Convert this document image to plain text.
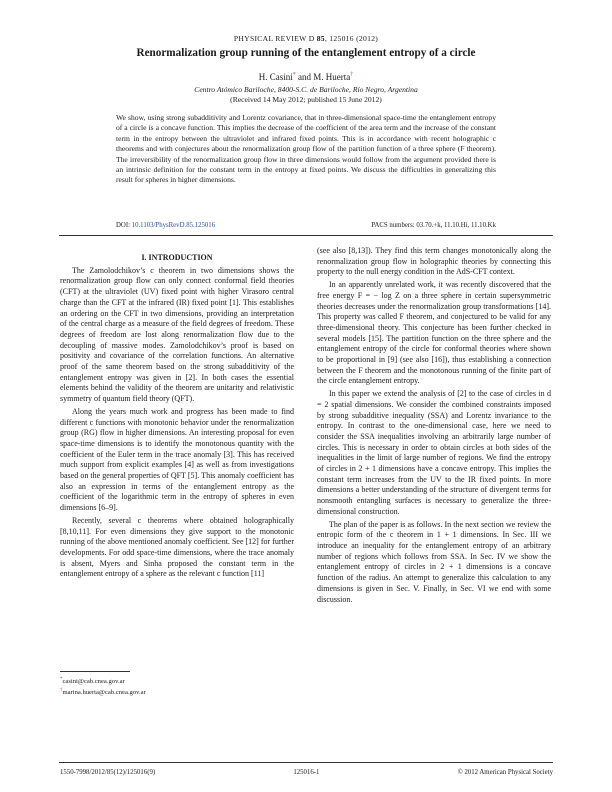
PHYSICAL REVIEW D 85, 125016 (2012)
Renormalization group running of the entanglement entropy of a circle
H. Casini* and M. Huerta†
Centro Atómico Bariloche, 8400-S.C. de Bariloche, Río Negro, Argentina
(Received 14 May 2012; published 15 June 2012)
We show, using strong subadditivity and Lorentz covariance, that in three-dimensional space-time the entanglement entropy of a circle is a concave function. This implies the decrease of the coefficient of the area term and the increase of the constant term in the entropy between the ultraviolet and infrared fixed points. This is in accordance with recent holographic c theorems and with conjectures about the renormalization group flow of the partition function of a three sphere (F theorem). The irreversibility of the renormalization group flow in three dimensions would follow from the argument provided there is an intrinsic definition for the constant term in the entropy at fixed points. We discuss the difficulties in generalizing this result for spheres in higher dimensions.
DOI: 10.1103/PhysRevD.85.125016	PACS numbers: 03.70.+k, 11.10.Hi, 11.10.Kk

I. INTRODUCTION

The Zamolodchikov’s c theorem in two dimensions shows the renormalization group flow can only connect conformal field theories (CFT) at the ultraviolet (UV) fixed point with higher Virasoro central charge than the CFT at the infrared (IR) fixed point [1]. This establishes an ordering on the CFT in two dimensions, providing an interpretation of the central charge as a measure of the field degrees of freedom. These degrees of freedom are lost along renormalization flow due to the decoupling of massive modes. Zamolodchikov’s proof is based on positivity and covariance of the correlation functions. An alternative proof of the same theorem based on the strong subadditivity of the entanglement entropy was given in [2]. In both cases the essential elements behind the validity of the theorem are unitarity and relativistic symmetry of quantum field theory (QFT).

Along the years much work and progress has been made to find different c functions with monotonic behavior under the renormalization group (RG) flow in higher dimensions. An interesting proposal for even space-time dimensions is to identify the monotonous quantity with the coefficient of the Euler term in the trace anomaly [3]. This has received much support from explicit examples [4] as well as from investigations based on the general properties of QFT [5]. This anomaly coefficient has also an expression in terms of the entanglement entropy as the coefficient of the logarithmic term in the entropy of spheres in even dimensions [6–9].

Recently, several c theorems where obtained holographically [8,10,11]. For even dimensions they give support to the monotonic running of the above mentioned anomaly coefficient. See [12] for further developments. For odd space-time dimensions, where the trace anomaly is absent, Myers and Sinha proposed the constant term in the entanglement entropy of a sphere as the relevant c function [11]

(see also [8,13]). They find this term changes monotonically along the renormalization group flow in holographic theories by connecting this property to the null energy condition in the AdS-CFT context.

In an apparently unrelated work, it was recently discovered that the free energy F = − log Z on a three sphere in certain supersymmetric theories decreases under the renormalization group transformations [14]. This property was called F theorem, and conjectured to be valid for any three-dimensional theory. This conjecture has been further checked in several models [15]. The partition function on the three sphere and the entanglement entropy of the circle for conformal theories where shown to be proportional in [9] (see also [16]), thus establishing a connection between the F theorem and the monotonous running of the finite part of the circle entanglement entropy.

In this paper we extend the analysis of [2] to the case of circles in d = 2 spatial dimensions. We consider the combined constraints imposed by strong subadditive inequality (SSA) and Lorentz invariance to the entropy. In contrast to the one-dimensional case, here we need to consider the SSA inequalities involving an arbitrarily large number of circles. This is necessary in order to obtain circles at both sides of the inequalities in the limit of large number of regions. We find the entropy of circles in 2 + 1 dimensions have a concave entropy. This implies the constant term increases from the UV to the IR fixed points. In more dimensions a better understanding of the structure of divergent terms for nonsmooth entangling surfaces is necessary to generalize the three-dimensional construction.

The plan of the paper is as follows. In the next section we review the entropic form of the c theorem in 1 + 1 dimensions. In Sec. III we introduce an inequality for the entanglement entropy of an arbitrary number of regions which follows from SSA. In Sec. IV we show the entanglement entropy of circles in 2 + 1 dimensions is a concave function of the radius. An attempt to generalize this calculation to any dimensions is given in Sec. V. Finally, in Sec. VI we end with some discussion.

*casini@cab.cnea.gov.ar
†marina.huerta@cab.cnea.gov.ar
1550-7998/2012/85(12)/125016(9)	125016-1	© 2012 American Physical Society
